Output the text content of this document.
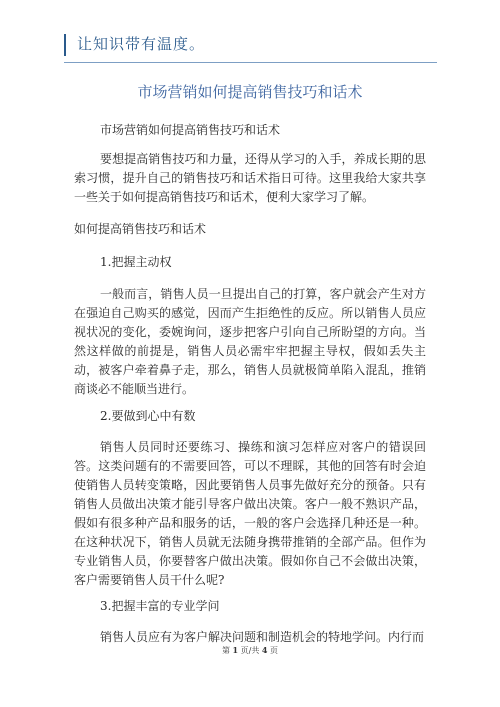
让知识带有温度。
市场营销如何提高销售技巧和话术
市场营销如何提高销售技巧和话术
要想提高销售技巧和力量，还得从学习的入手，养成长期的思索习惯，提升自己的销售技巧和话术指日可待。这里我给大家共享一些关于如何提高销售技巧和话术，便利大家学习了解。
如何提高销售技巧和话术
1.把握主动权
一般而言，销售人员一旦提出自己的打算，客户就会产生对方在强迫自己购买的感觉，因而产生拒绝性的反应。所以销售人员应视状况的变化，委婉询问，逐步把客户引向自己所盼望的方向。当然这样做的前提是，销售人员必需牢牢把握主导权，假如丢失主动，被客户牵着鼻子走，那么，销售人员就极简单陷入混乱，推销商谈必不能顺当进行。
2.要做到心中有数
销售人员同时还要练习、操练和演习怎样应对客户的错误回答。这类问题有的不需要回答，可以不理睬，其他的回答有时会迫使销售人员转变策略，因此要销售人员事先做好充分的预备。只有销售人员做出决策才能引导客户做出决策。客户一般不熟识产品，假如有很多种产品和服务的话，一般的客户会选择几种还是一种。在这种状况下，销售人员就无法随身携带推销的全部产品。但作为专业销售人员，你要替客户做出决策。假如你自己不会做出决策，客户需要销售人员干什么呢?
3.把握丰富的专业学问
销售人员应有为客户解决问题和制造机会的特地学问。内行而
第 1 页/共 4 页
